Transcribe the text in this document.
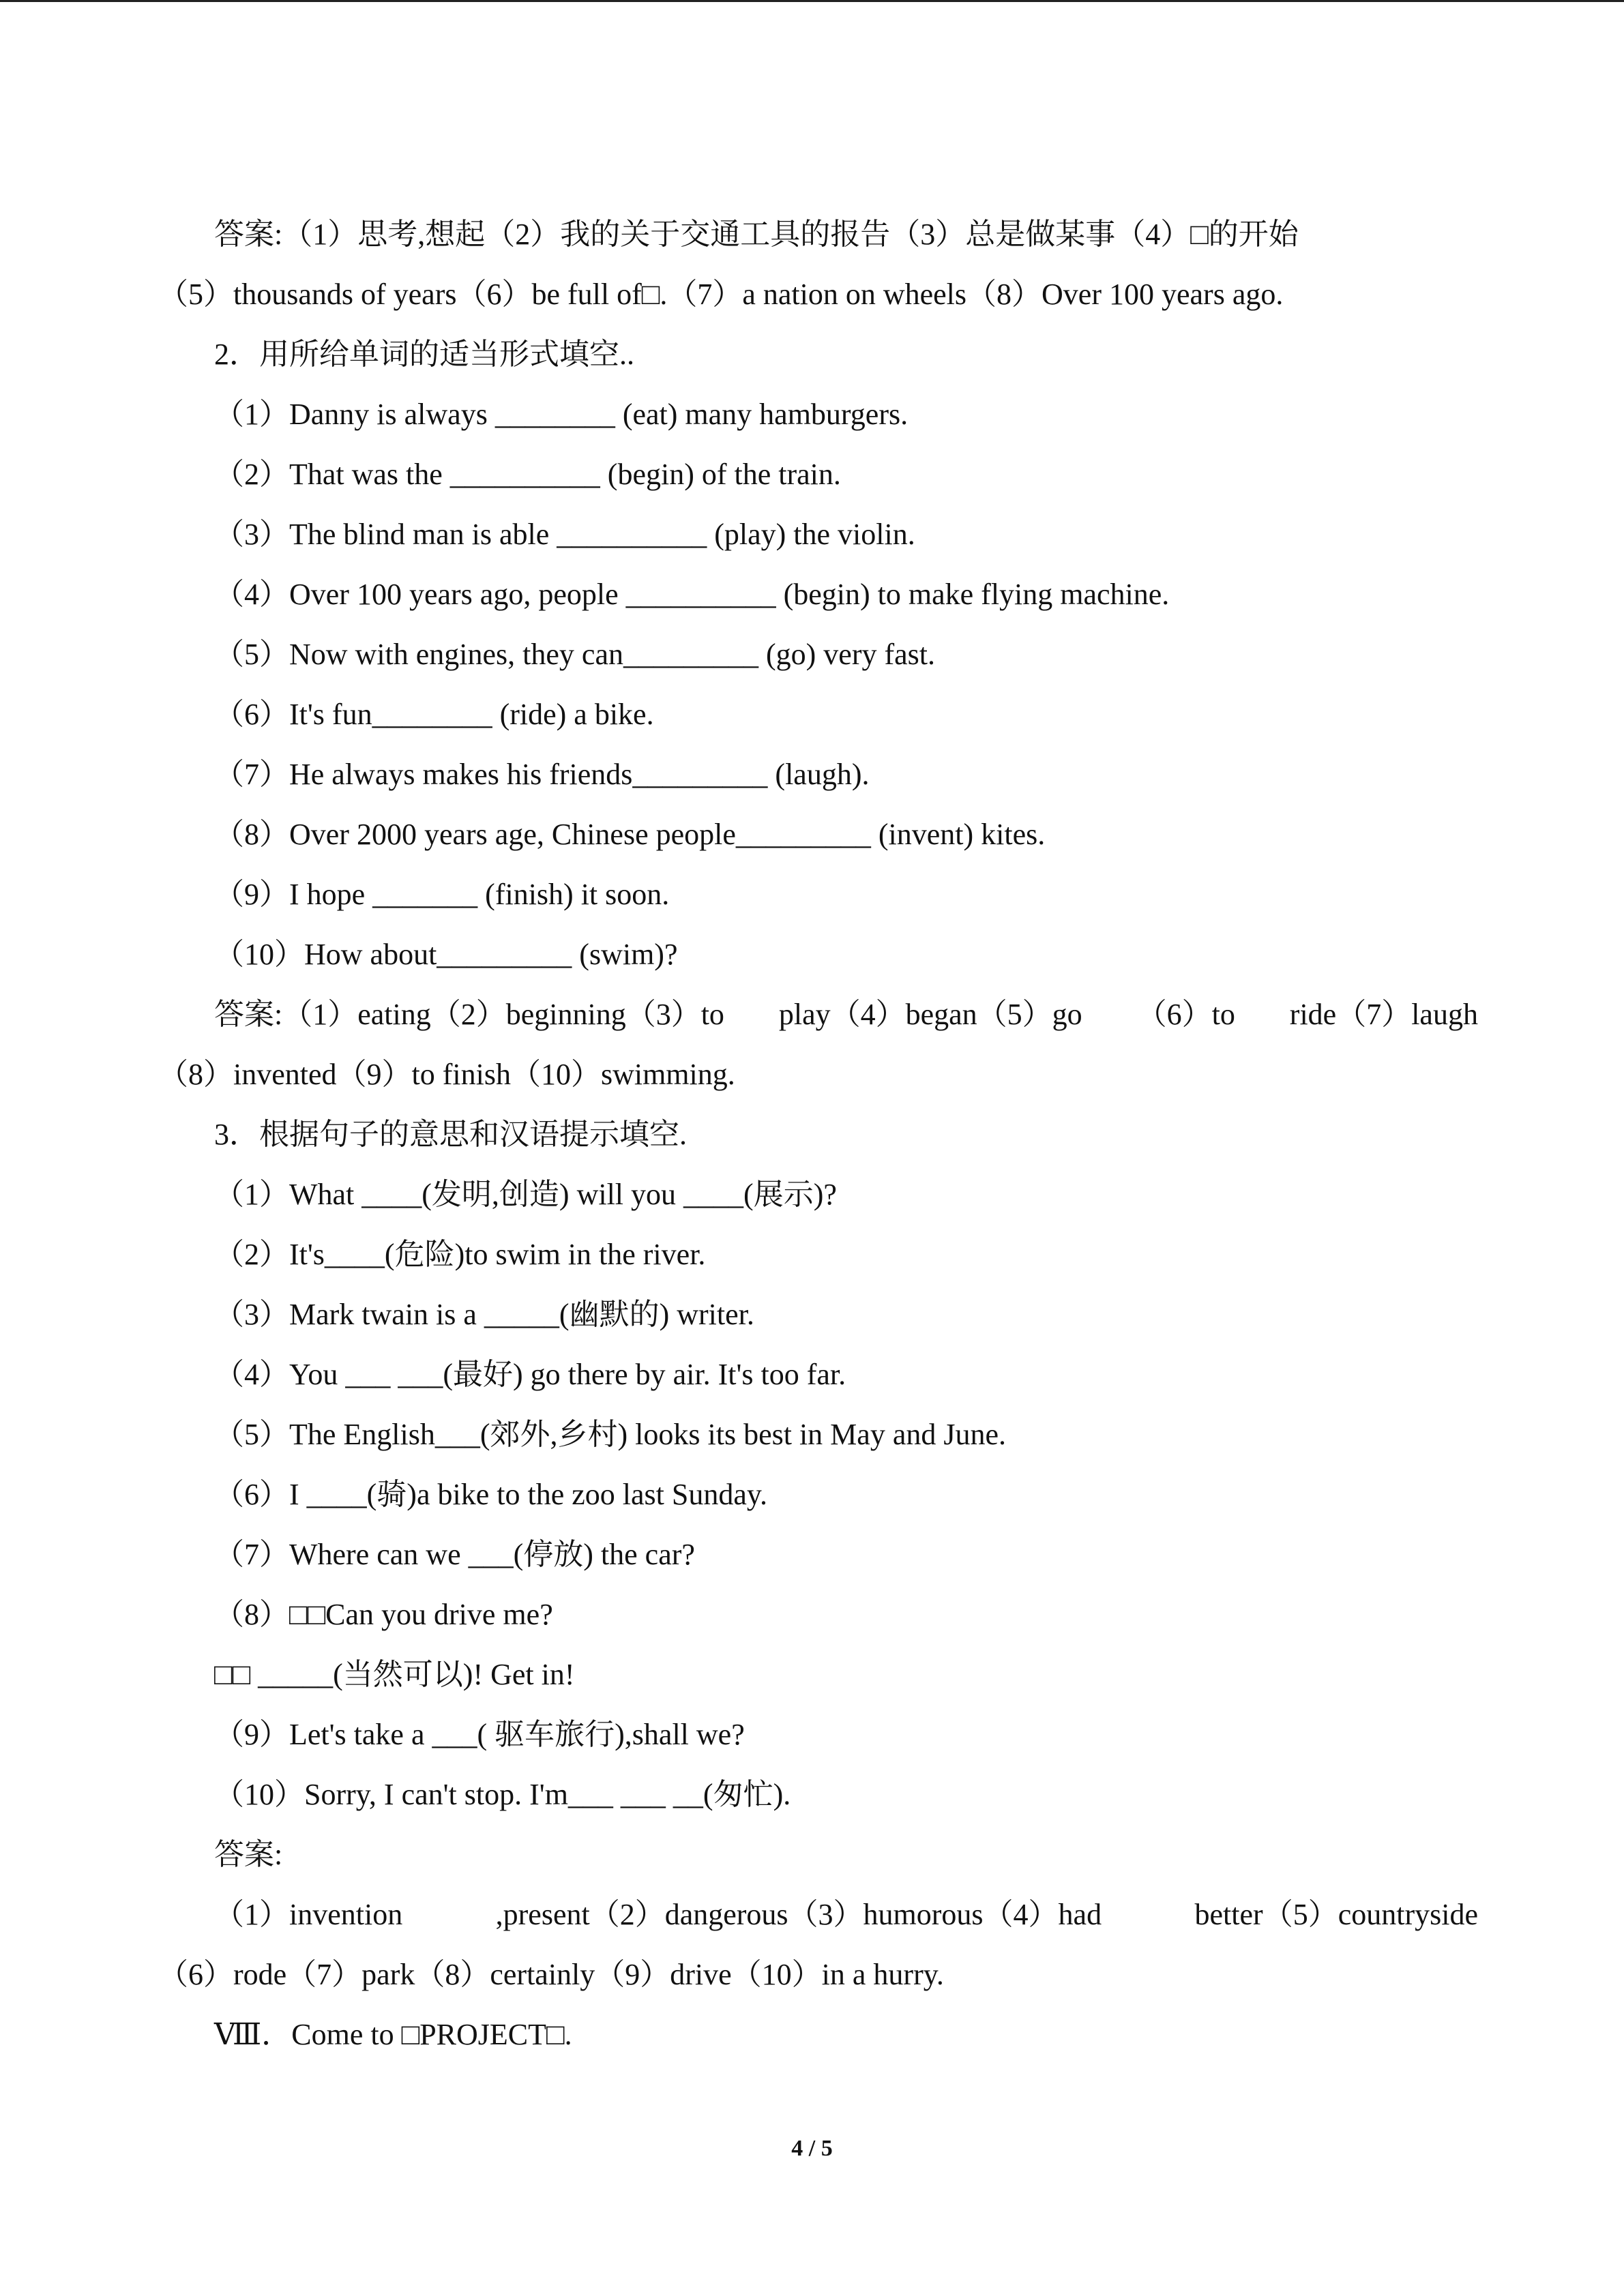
答案:（1）思考,想起（2）我的关于交通工具的报告（3）总是做某事（4）□的开始
（5）thousands of years（6）be full of□.（7）a nation on wheels（8）Over 100 years ago.
2．用所给单词的适当形式填空..
（1）Danny is always ________ (eat) many hamburgers.
（2）That was the __________ (begin) of the train.
（3）The blind man is able __________ (play) the violin.
（4）Over 100 years ago, people __________ (begin) to make flying machine.
（5）Now with engines, they can_________ (go) very fast.
（6）It's fun________ (ride) a bike.
（7）He always makes his friends_________ (laugh).
（8）Over 2000 years age, Chinese people_________ (invent) kites.
（9）I hope _______ (finish) it soon.
（10）How about_________ (swim)?
答案:（1）eating（2）beginning（3）to play（4）began（5）go （6）to ride（7）laugh
（8）invented（9）to finish（10）swimming.
3．根据句子的意思和汉语提示填空.
（1）What ____(发明,创造) will you ____(展示)?
（2）It's____(危险)to swim in the river.
（3）Mark twain is a _____(幽默的) writer.
（4）You ___ ___(最好) go there by air. It's too far.
（5）The English___(郊外,乡村) looks its best in May and June.
（6）I ____(骑)a bike to the zoo last Sunday.
（7）Where can we ___(停放) the car?
（8）□□Can you drive me?
□□ _____(当然可以)! Get in!
（9）Let's take a ___( 驱车旅行),shall we?
（10）Sorry, I can't stop. I'm___ ___ __(匆忙).
答案:
（1）invention	,present（2）dangerous（3）humorous（4）had	better（5）countryside
（6）rode（7）park（8）certainly（9）drive（10）in a hurry.
Ⅷ．Come to □PROJECT□.
4 / 5
